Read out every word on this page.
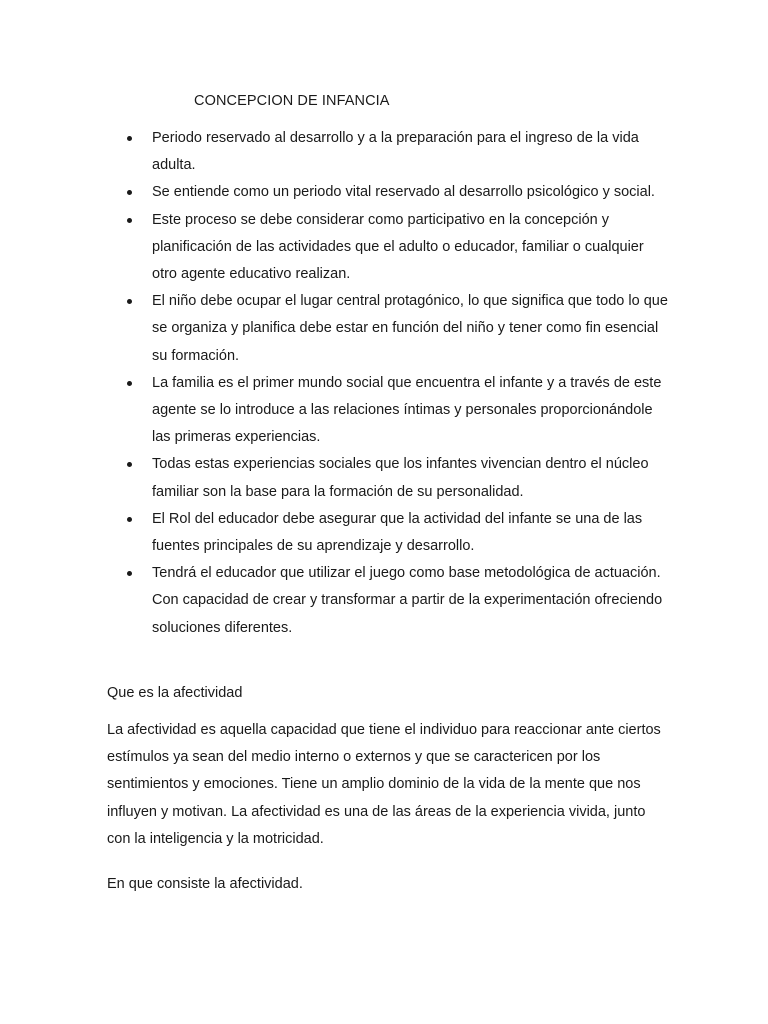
CONCEPCION DE INFANCIA
Periodo reservado al desarrollo y a la preparación para el ingreso de la vida adulta.
Se entiende como un periodo vital reservado al desarrollo psicológico y social.
Este proceso se debe considerar como participativo en la concepción y planificación de las actividades que el adulto o educador, familiar o cualquier otro agente educativo realizan.
El niño debe ocupar el lugar central protagónico, lo que significa que todo lo que se organiza y planifica debe estar en función del niño y tener como fin esencial su formación.
La familia es el primer mundo social que encuentra el infante y a través de este agente se lo introduce a las relaciones íntimas y personales proporcionándole las primeras experiencias.
Todas estas experiencias sociales que los infantes vivencian dentro el núcleo familiar son la base para la formación de su personalidad.
El Rol del educador debe asegurar que la actividad del infante se una de las fuentes principales de su aprendizaje y desarrollo.
Tendrá el educador que utilizar el juego como base metodológica de actuación. Con capacidad de crear y transformar a partir de la experimentación ofreciendo soluciones diferentes.
Que es la afectividad

La afectividad es aquella capacidad que tiene el individuo para reaccionar ante ciertos estímulos ya sean del medio interno o externos y que se caractericen por los sentimientos y emociones. Tiene un amplio dominio de la vida de la mente que nos influyen y motivan. La afectividad es una de las áreas de la experiencia vivida, junto con la inteligencia y la motricidad.

En que consiste la afectividad.
